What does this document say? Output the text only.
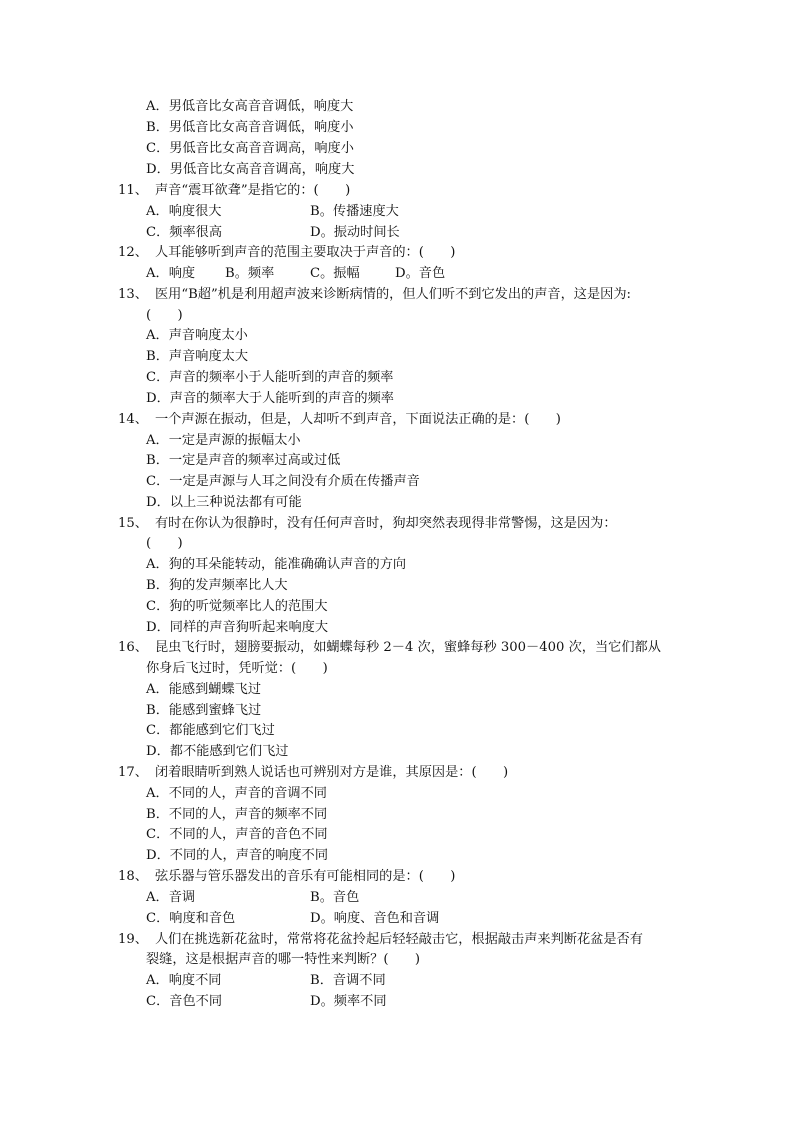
A．男低音比女高音音调低，响度大
B．男低音比女高音音调低，响度小
C．男低音比女高音音调高，响度小
D．男低音比女高音音调高，响度大
11、 声音“震耳欲聋”是指它的：(　　)
A．响度很大	B。传播速度大
C．频率很高	D。振动时间长
12、 人耳能够听到声音的范围主要取决于声音的：(　　)
A．响度 B。频率	C。振幅	D。音色
13、 医用“B超”机是利用超声波来诊断病情的，但人们听不到它发出的声音，这是因为:
(　　)
A．声音响度太小
B．声音响度太大
C．声音的频率小于人能听到的声音的频率
D．声音的频率大于人能听到的声音的频率
14、 一个声源在振动，但是，人却听不到声音，下面说法正确的是：(　　)
A．一定是声源的振幅太小
B．一定是声音的频率过高或过低
C．一定是声源与人耳之间没有介质在传播声音
D．以上三种说法都有可能
15、 有时在你认为很静时，没有任何声音时，狗却突然表现得非常警惕，这是因为：
(　　)
A．狗的耳朵能转动，能准确确认声音的方向
B．狗的发声频率比人大
C．狗的听觉频率比人的范围大
D．同样的声音狗听起来响度大
16、 昆虫飞行时，翅膀要振动，如蝴蝶每秒 2－4 次，蜜蜂每秒 300－400 次，当它们都从
你身后飞过时，凭听觉：(　　)
A．能感到蝴蝶飞过
B．能感到蜜蜂飞过
C．都能感到它们飞过
D．都不能感到它们飞过
17、 闭着眼睛听到熟人说话也可辨别对方是谁，其原因是：(　　)
A．不同的人，声音的音调不同
B．不同的人，声音的频率不同
C．不同的人，声音的音色不同
D．不同的人，声音的响度不同
18、 弦乐器与管乐器发出的音乐有可能相同的是：(　　)
A．音调	B。音色
C．响度和音色	D。响度、音色和音调
19、 人们在挑选新花盆时，常常将花盆拎起后轻轻敲击它，根据敲击声来判断花盆是否有
裂缝，这是根据声音的哪一特性来判断？(　　)
A．响度不同	B．音调不同
C．音色不同	D。频率不同
